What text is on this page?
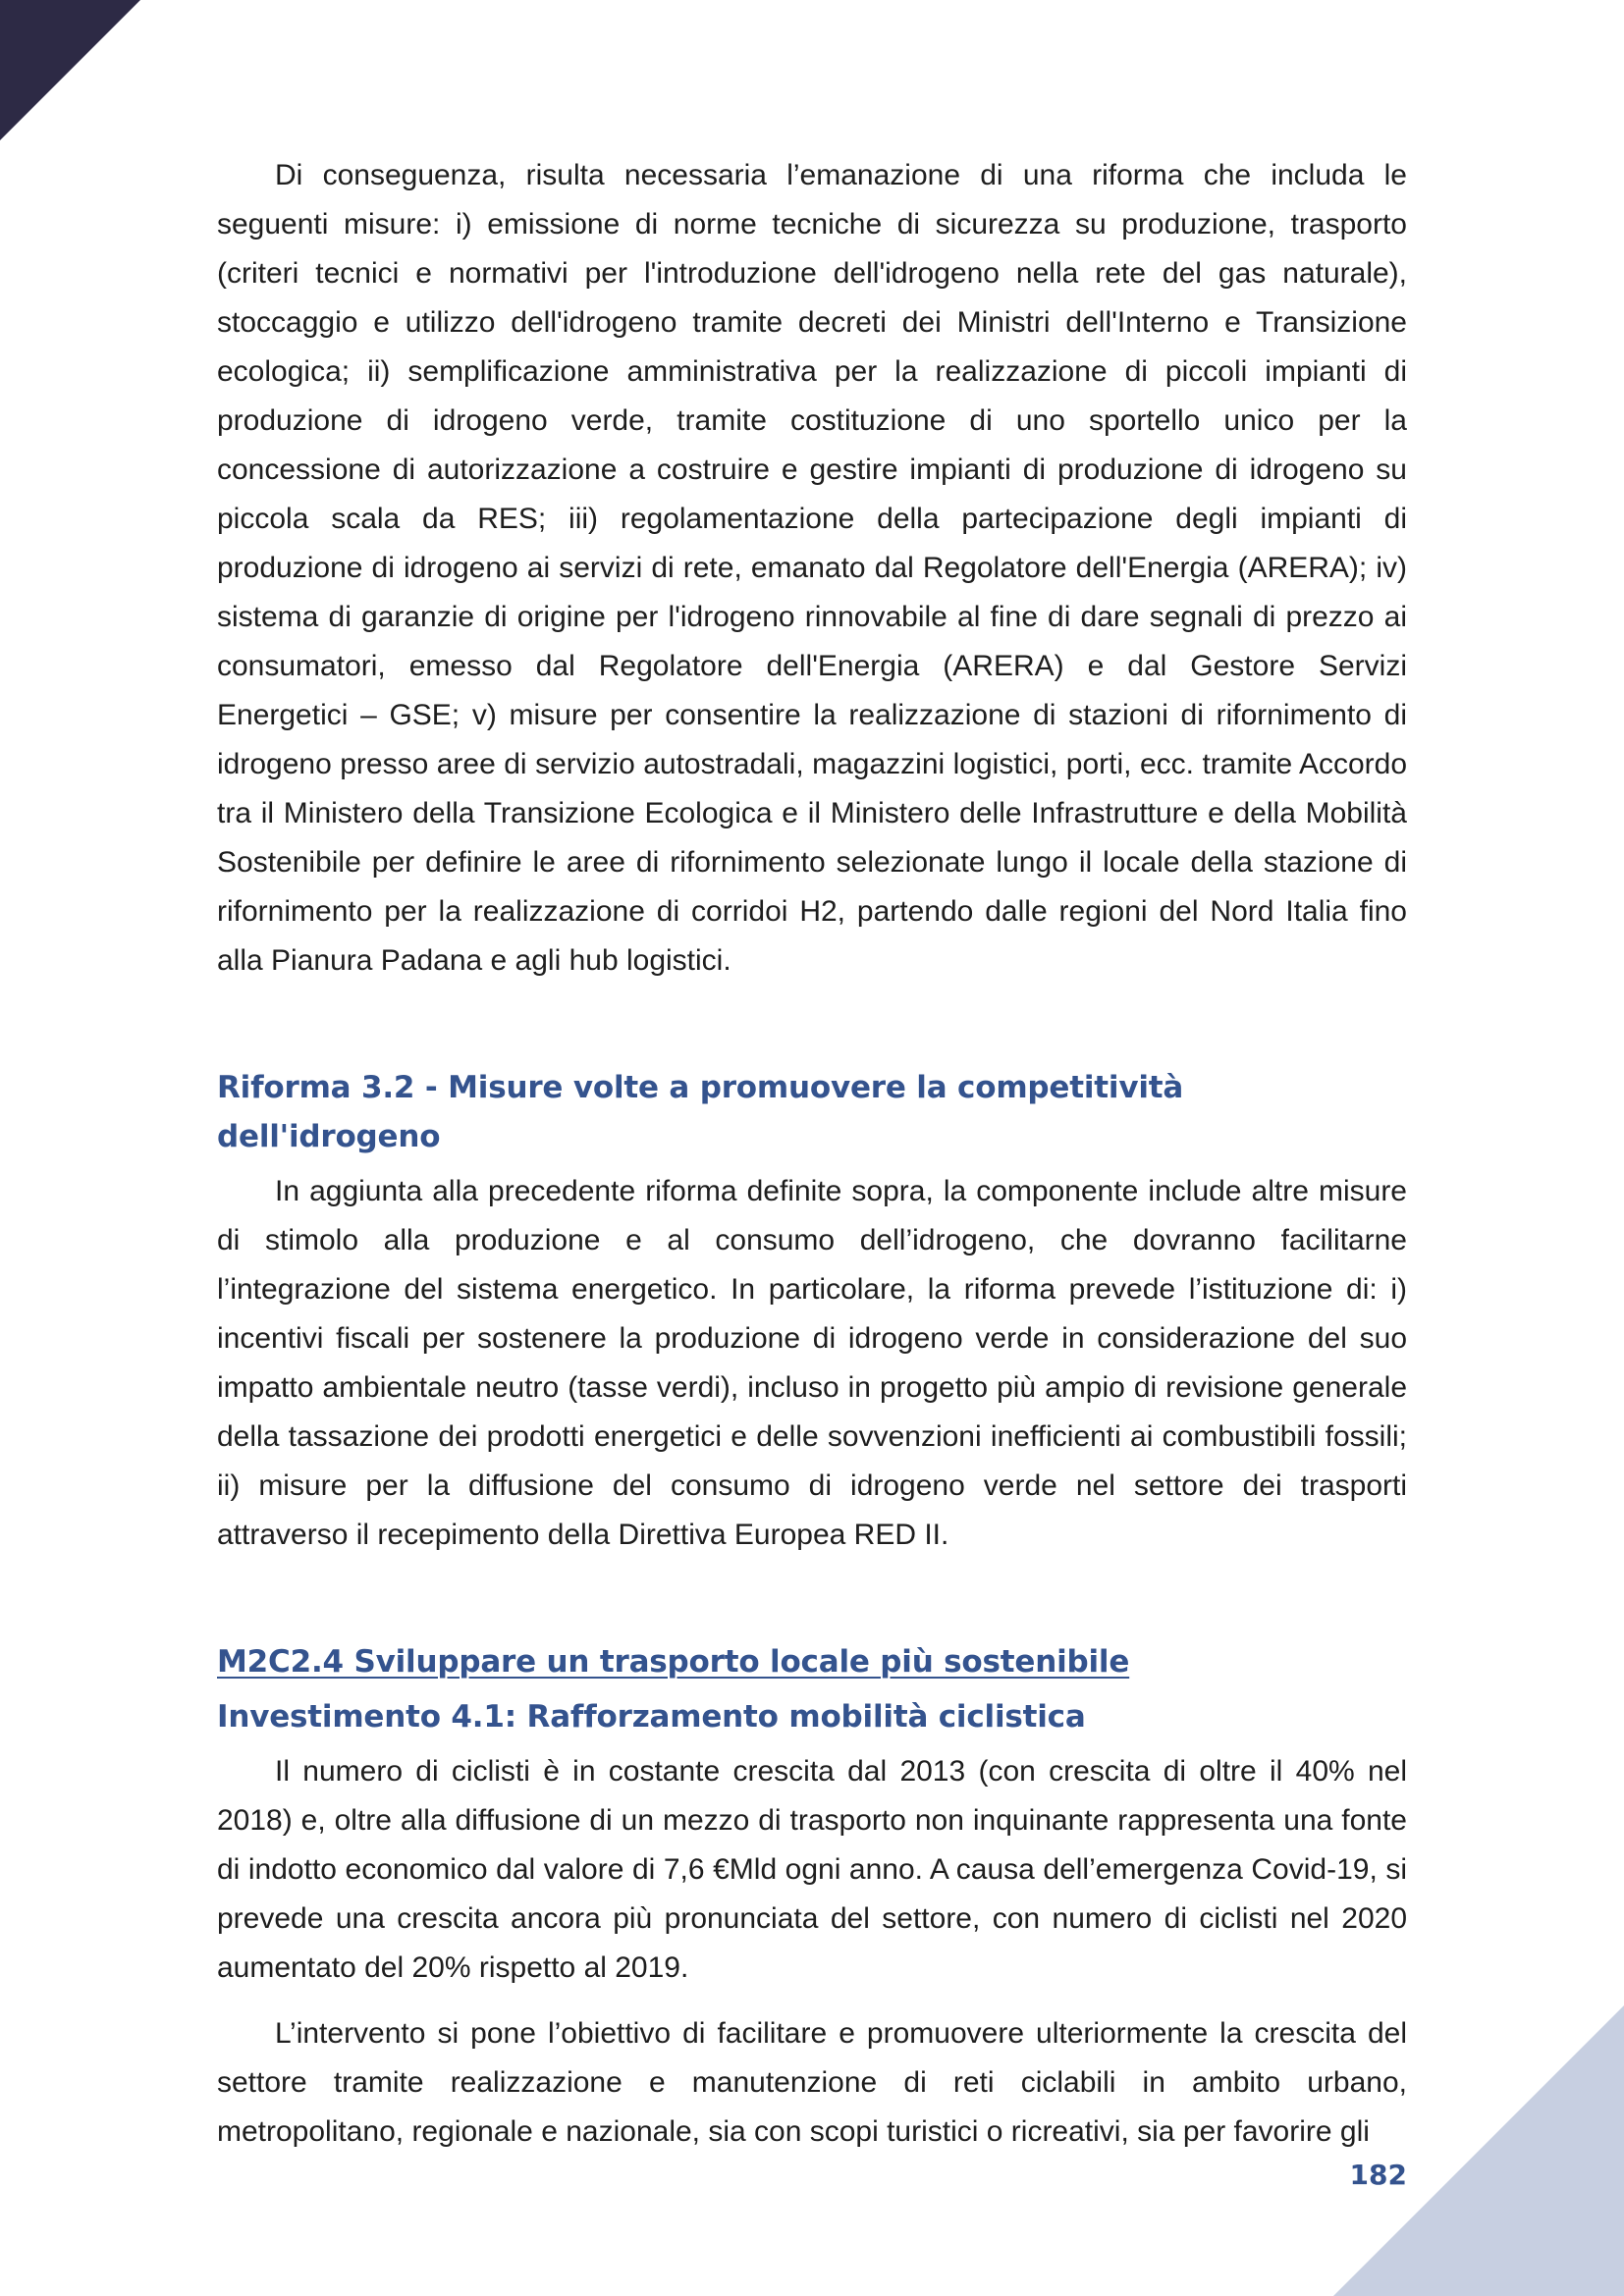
Di conseguenza, risulta necessaria l’emanazione di una riforma che includa le seguenti misure: i) emissione di norme tecniche di sicurezza su produzione, trasporto (criteri tecnici e normativi per l'introduzione dell'idrogeno nella rete del gas naturale), stoccaggio e utilizzo dell'idrogeno tramite decreti dei Ministri dell'Interno e Transizione ecologica; ii) semplificazione amministrativa per la realizzazione di piccoli impianti di produzione di idrogeno verde, tramite costituzione di uno sportello unico per la concessione di autorizzazione a costruire e gestire impianti di produzione di idrogeno su piccola scala da RES; iii) regolamentazione della partecipazione degli impianti di produzione di idrogeno ai servizi di rete, emanato dal Regolatore dell'Energia (ARERA); iv) sistema di garanzie di origine per l'idrogeno rinnovabile al fine di dare segnali di prezzo ai consumatori, emesso dal Regolatore dell'Energia (ARERA) e dal Gestore Servizi Energetici – GSE; v) misure per consentire la realizzazione di stazioni di rifornimento di idrogeno presso aree di servizio autostradali, magazzini logistici, porti, ecc. tramite Accordo tra il Ministero della Transizione Ecologica e il Ministero delle Infrastrutture e della Mobilità Sostenibile per definire le aree di rifornimento selezionate lungo il locale della stazione di rifornimento per la realizzazione di corridoi H2, partendo dalle regioni del Nord Italia fino alla Pianura Padana e agli hub logistici.

Riforma 3.2 - Misure volte a promuovere la competitività dell'idrogeno

In aggiunta alla precedente riforma definite sopra, la componente include altre misure di stimolo alla produzione e al consumo dell’idrogeno, che dovranno facilitarne l’integrazione del sistema energetico. In particolare, la riforma prevede l’istituzione di: i) incentivi fiscali per sostenere la produzione di idrogeno verde in considerazione del suo impatto ambientale neutro (tasse verdi), incluso in progetto più ampio di revisione generale della tassazione dei prodotti energetici e delle sovvenzioni inefficienti ai combustibili fossili; ii) misure per la diffusione del consumo di idrogeno verde nel settore dei trasporti attraverso il recepimento della Direttiva Europea RED II.

M2C2.4 Sviluppare un trasporto locale più sostenibile
Investimento 4.1: Rafforzamento mobilità ciclistica

Il numero di ciclisti è in costante crescita dal 2013 (con crescita di oltre il 40% nel 2018) e, oltre alla diffusione di un mezzo di trasporto non inquinante rappresenta una fonte di indotto economico dal valore di 7,6 €Mld ogni anno. A causa dell’emergenza Covid-19, si prevede una crescita ancora più pronunciata del settore, con numero di ciclisti nel 2020 aumentato del 20% rispetto al 2019.

L’intervento si pone l’obiettivo di facilitare e promuovere ulteriormente la crescita del settore tramite realizzazione e manutenzione di reti ciclabili in ambito urbano, metropolitano, regionale e nazionale, sia con scopi turistici o ricreativi, sia per favorire gli

182
